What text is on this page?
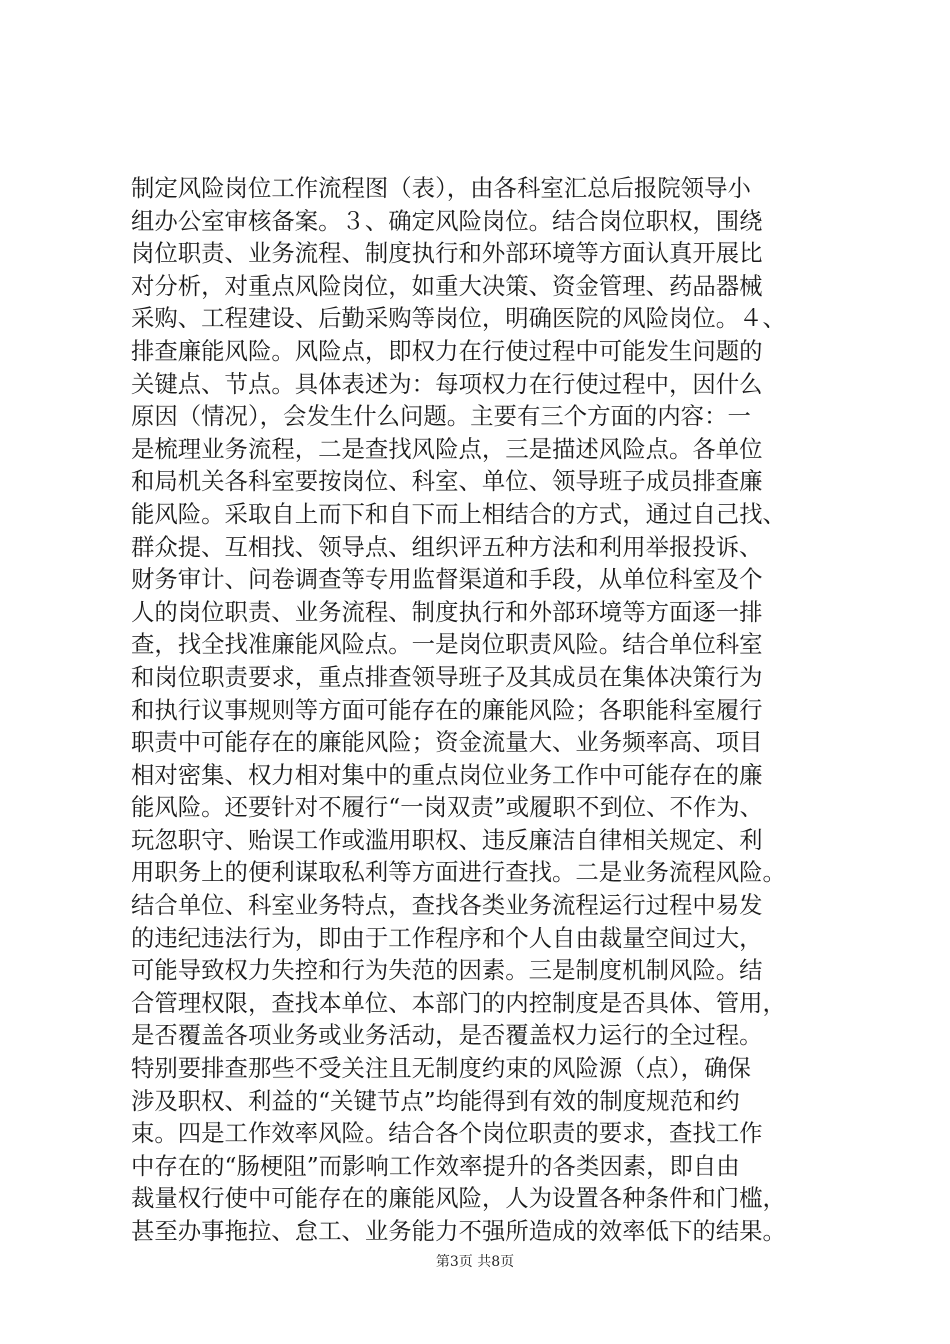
制定风险岗位工作流程图（表），由各科室汇总后报院领导小
组办公室审核备案。３、确定风险岗位。结合岗位职权，围绕
岗位职责、业务流程、制度执行和外部环境等方面认真开展比
对分析，对重点风险岗位，如重大决策、资金管理、药品器械
采购、工程建设、后勤采购等岗位，明确医院的风险岗位。４、
排查廉能风险。风险点，即权力在行使过程中可能发生问题的
关键点、节点。具体表述为：每项权力在行使过程中，因什么
原因（情况），会发生什么问题。主要有三个方面的内容：一
是梳理业务流程，二是查找风险点，三是描述风险点。各单位
和局机关各科室要按岗位、科室、单位、领导班子成员排查廉
能风险。采取自上而下和自下而上相结合的方式，通过自己找、
群众提、互相找、领导点、组织评五种方法和利用举报投诉、
财务审计、问卷调查等专用监督渠道和手段，从单位科室及个
人的岗位职责、业务流程、制度执行和外部环境等方面逐一排
查，找全找准廉能风险点。一是岗位职责风险。结合单位科室
和岗位职责要求，重点排查领导班子及其成员在集体决策行为
和执行议事规则等方面可能存在的廉能风险；各职能科室履行
职责中可能存在的廉能风险；资金流量大、业务频率高、项目
相对密集、权力相对集中的重点岗位业务工作中可能存在的廉
能风险。还要针对不履行“一岗双责”或履职不到位、不作为、
玩忽职守、贻误工作或滥用职权、违反廉洁自律相关规定、利
用职务上的便利谋取私利等方面进行查找。二是业务流程风险。
结合单位、科室业务特点，查找各类业务流程运行过程中易发
的违纪违法行为，即由于工作程序和个人自由裁量空间过大，
可能导致权力失控和行为失范的因素。三是制度机制风险。结
合管理权限，查找本单位、本部门的内控制度是否具体、管用，
是否覆盖各项业务或业务活动，是否覆盖权力运行的全过程。
特别要排查那些不受关注且无制度约束的风险源（点），确保
涉及职权、利益的“关键节点”均能得到有效的制度规范和约
束。四是工作效率风险。结合各个岗位职责的要求，查找工作
中存在的“肠梗阻”而影响工作效率提升的各类因素，即自由
裁量权行使中可能存在的廉能风险，人为设置各种条件和门槛，
甚至办事拖拉、怠工、业务能力不强所造成的效率低下的结果。
第3页 共8页
